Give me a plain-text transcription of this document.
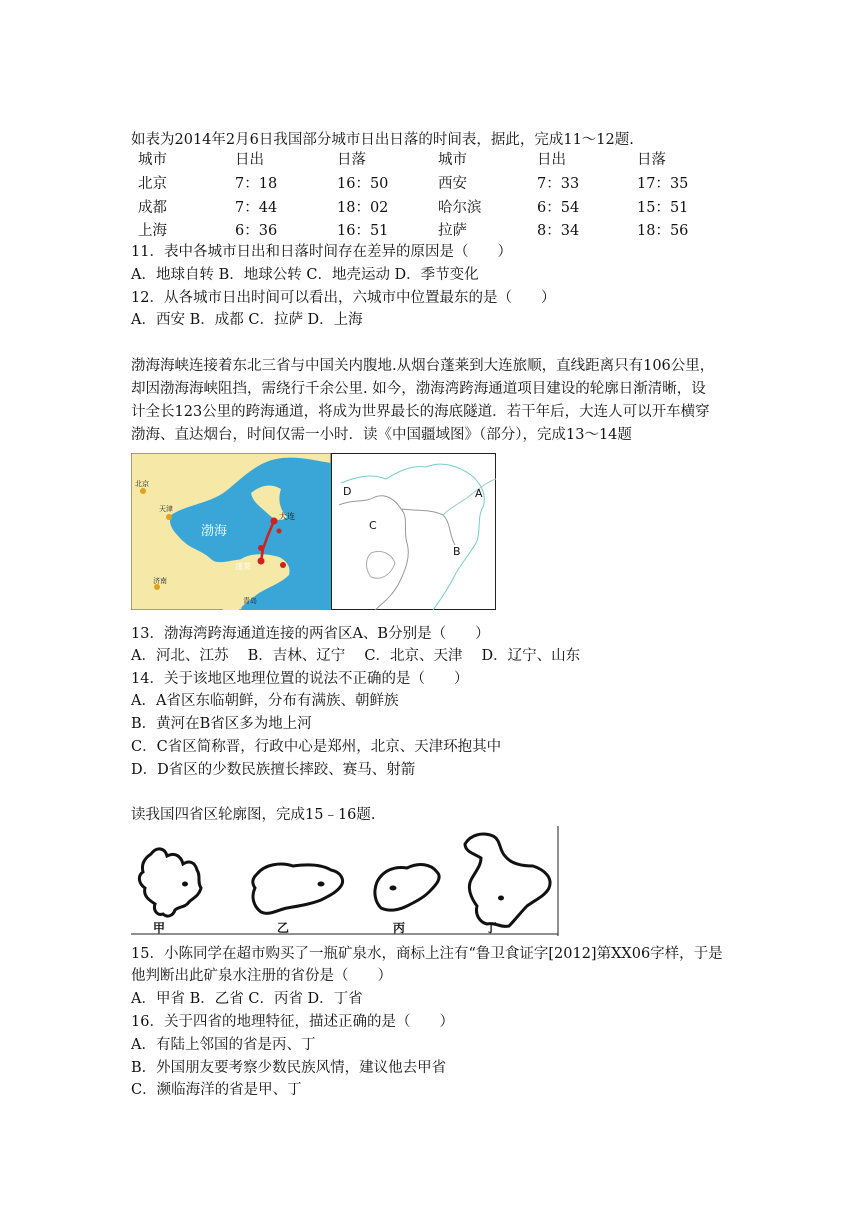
如表为2014年2月6日我国部分城市日出日落的时间表，据此，完成11～12题.
城市	日出	日落	城市	日出	日落
北京	7：18	16：50	西安	7：33	17：35
成都	7：44	18：02	哈尔滨	6：54	15：51
上海	6：36	16：51	拉萨	8：34	18：56
11．表中各城市日出和日落时间存在差异的原因是（　　）
A．地球自转 B．地球公转 C．地壳运动 D．季节变化
12．从各城市日出时间可以看出，六城市中位置最东的是（　　）
A．西安 B．成都 C．拉萨 D．上海
渤海海峡连接着东北三省与中国关内腹地.从烟台蓬莱到大连旅顺，直线距离只有106公里，
却因渤海海峡阻挡，需绕行千余公里. 如今，渤海湾跨海通道项目建设的轮廓日渐清晰，设
计全长123公里的跨海通道，将成为世界最长的海底隧道．若干年后，大连人可以开车横穿
渤海、直达烟台，时间仅需一小时．读《中国疆域图》（部分），完成13～14题
北京
天津
大连
蓬莱
济南
青岛
渤海
D
C
A
B
13．渤海湾跨海通道连接的两省区A、B分别是（　　）
A．河北、江苏　 B．吉林、辽宁　 C．北京、天津　 D．辽宁、山东
14．关于该地区地理位置的说法不正确的是（　　）
A．A省区东临朝鲜，分布有满族、朝鲜族
B．黄河在B省区多为地上河
C．C省区简称晋，行政中心是郑州，北京、天津环抱其中
D．D省区的少数民族擅长摔跤、赛马、射箭
读我国四省区轮廓图，完成15﹣16题.
甲	乙	丙	丁
15．小陈同学在超市购买了一瓶矿泉水，商标上注有“鲁卫食证字[2012]第XX06字样，于是
他判断出此矿泉水注册的省份是（　　）
A．甲省 B．乙省 C．丙省 D．丁省
16．关于四省的地理特征，描述正确的是（　　）
A．有陆上邻国的省是丙、丁
B．外国朋友要考察少数民族风情，建议他去甲省
C．濒临海洋的省是甲、丁
